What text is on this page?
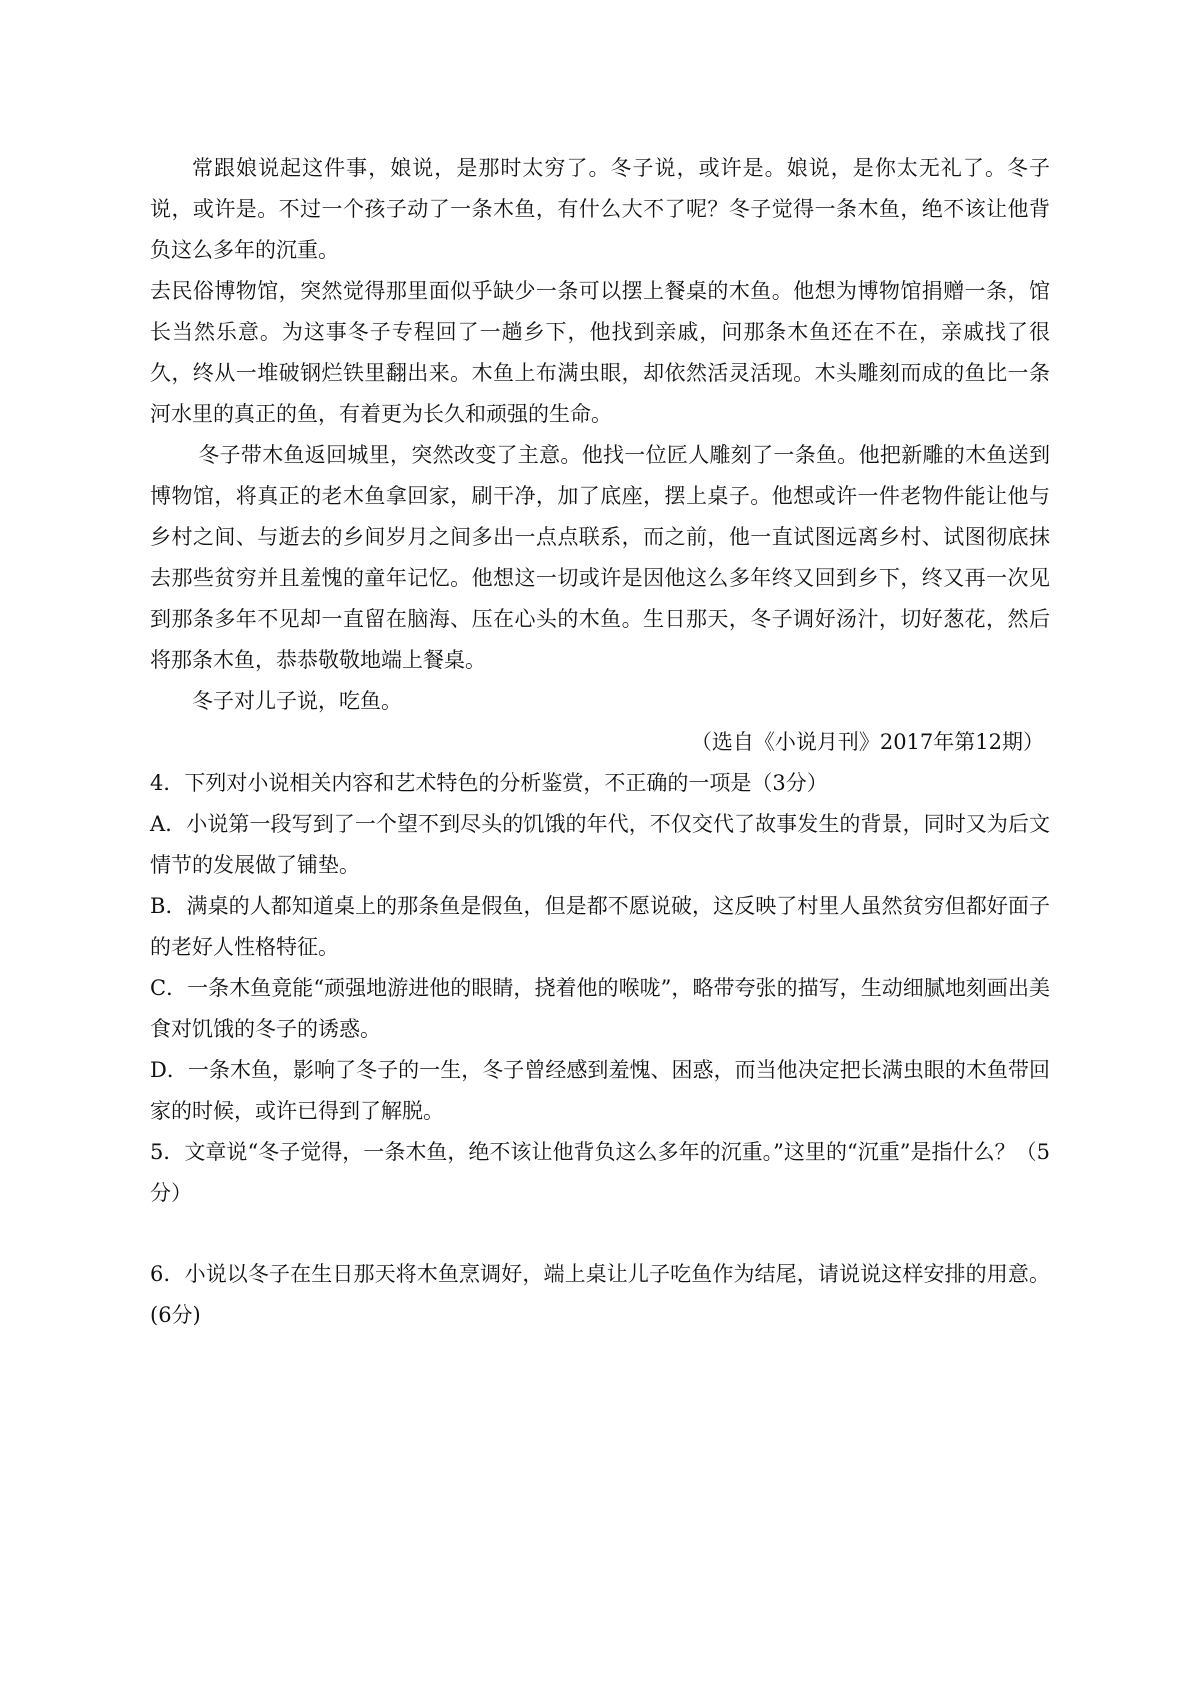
常跟娘说起这件事，娘说，是那时太穷了。冬子说，或许是。娘说，是你太无礼了。冬子说，或许是。不过一个孩子动了一条木鱼，有什么大不了呢？冬子觉得一条木鱼，绝不该让他背负这么多年的沉重。

去民俗博物馆，突然觉得那里面似乎缺少一条可以摆上餐桌的木鱼。他想为博物馆捐赠一条，馆长当然乐意。为这事冬子专程回了一趟乡下，他找到亲戚，问那条木鱼还在不在，亲戚找了很久，终从一堆破钢烂铁里翻出来。木鱼上布满虫眼，却依然活灵活现。木头雕刻而成的鱼比一条河水里的真正的鱼，有着更为长久和顽强的生命。

冬子带木鱼返回城里，突然改变了主意。他找一位匠人雕刻了一条鱼。他把新雕的木鱼送到博物馆，将真正的老木鱼拿回家，刷干净，加了底座，摆上桌子。他想或许一件老物件能让他与乡村之间、与逝去的乡间岁月之间多出一点点联系，而之前，他一直试图远离乡村、试图彻底抹去那些贫穷并且羞愧的童年记忆。他想这一切或许是因他这么多年终又回到乡下，终又再一次见到那条多年不见却一直留在脑海、压在心头的木鱼。生日那天，冬子调好汤汁，切好葱花，然后将那条木鱼，恭恭敬敬地端上餐桌。

冬子对儿子说，吃鱼。

（选自《小说月刊》2017年第12期）

4．下列对小说相关内容和艺术特色的分析鉴赏，不正确的一项是（3分）

A．小说第一段写到了一个望不到尽头的饥饿的年代，不仅交代了故事发生的背景，同时又为后文情节的发展做了铺垫。

B．满桌的人都知道桌上的那条鱼是假鱼，但是都不愿说破，这反映了村里人虽然贫穷但都好面子的老好人性格特征。

C．一条木鱼竟能“顽强地游进他的眼睛，挠着他的喉咙”，略带夸张的描写，生动细腻地刻画出美食对饥饿的冬子的诱惑。

D．一条木鱼，影响了冬子的一生，冬子曾经感到羞愧、困惑，而当他决定把长满虫眼的木鱼带回家的时候，或许已得到了解脱。

5．文章说“冬子觉得，一条木鱼，绝不该让他背负这么多年的沉重。”这里的“沉重”是指什么？（5分）

6．小说以冬子在生日那天将木鱼烹调好，端上桌让儿子吃鱼作为结尾，请说说这样安排的用意。(6分)
